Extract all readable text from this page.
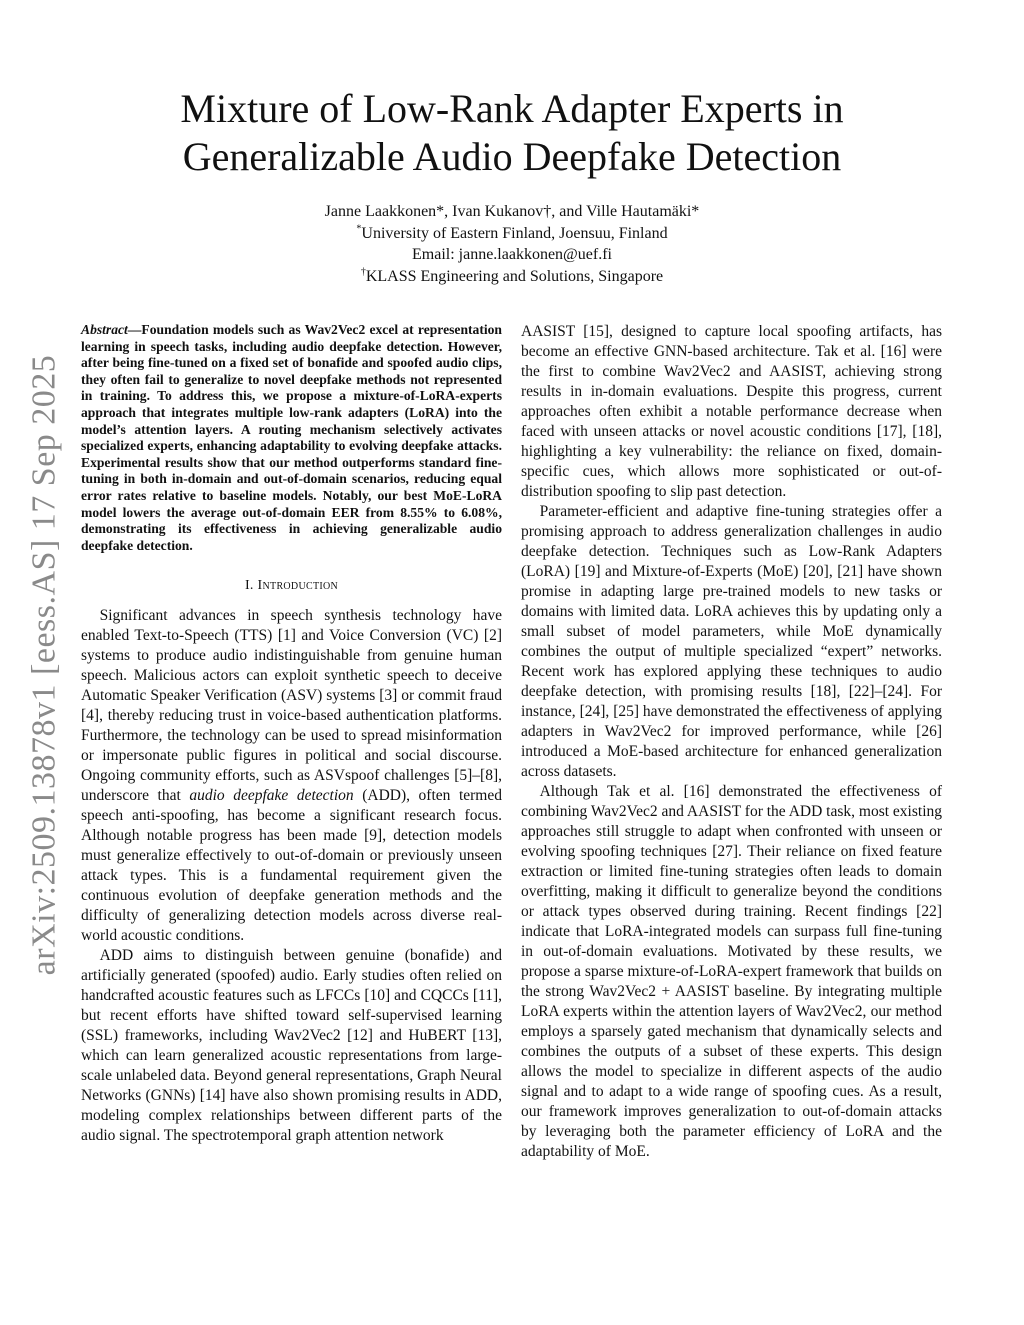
arXiv:2509.13878v1 [eess.AS] 17 Sep 2025
Mixture of Low-Rank Adapter Experts in
Generalizable Audio Deepfake Detection
Janne Laakkonen*, Ivan Kukanov†, and Ville Hautamäki*
*University of Eastern Finland, Joensuu, Finland
Email: janne.laakkonen@uef.fi
†KLASS Engineering and Solutions, Singapore

Abstract—Foundation models such as Wav2Vec2 excel at representation learning in speech tasks, including audio deepfake detection. However, after being fine-tuned on a fixed set of bonafide and spoofed audio clips, they often fail to generalize to novel deepfake methods not represented in training. To address this, we propose a mixture-of-LoRA-experts approach that integrates multiple low-rank adapters (LoRA) into the model’s attention layers. A routing mechanism selectively activates specialized experts, enhancing adaptability to evolving deepfake attacks. Experimental results show that our method outperforms standard fine-tuning in both in-domain and out-of-domain scenarios, reducing equal error rates relative to baseline models. Notably, our best MoE-LoRA model lowers the average out-of-domain EER from 8.55% to 6.08%, demonstrating its effectiveness in achieving generalizable audio deepfake detection.

I. Introduction

Significant advances in speech synthesis technology have enabled Text-to-Speech (TTS) [1] and Voice Conversion (VC) [2] systems to produce audio indistinguishable from genuine human speech. Malicious actors can exploit synthetic speech to deceive Automatic Speaker Verification (ASV) systems [3] or commit fraud [4], thereby reducing trust in voice-based authentication platforms. Furthermore, the technology can be used to spread misinformation or impersonate public figures in political and social discourse. Ongoing community efforts, such as ASVspoof challenges [5]–[8], underscore that audio deepfake detection (ADD), often termed speech anti-spoofing, has become a significant research focus. Although notable progress has been made [9], detection models must generalize effectively to out-of-domain or previously unseen attack types. This is a fundamental requirement given the continuous evolution of deepfake generation methods and the difficulty of generalizing detection models across diverse real-world acoustic conditions.

ADD aims to distinguish between genuine (bonafide) and artificially generated (spoofed) audio. Early studies often relied on handcrafted acoustic features such as LFCCs [10] and CQCCs [11], but recent efforts have shifted toward self-supervised learning (SSL) frameworks, including Wav2Vec2 [12] and HuBERT [13], which can learn generalized acoustic representations from large-scale unlabeled data. Beyond general representations, Graph Neural Networks (GNNs) [14] have also shown promising results in ADD, modeling complex relationships between different parts of the audio signal. The spectrotemporal graph attention network

AASIST [15], designed to capture local spoofing artifacts, has become an effective GNN-based architecture. Tak et al. [16] were the first to combine Wav2Vec2 and AASIST, achieving strong results in in-domain evaluations. Despite this progress, current approaches often exhibit a notable performance decrease when faced with unseen attacks or novel acoustic conditions [17], [18], highlighting a key vulnerability: the reliance on fixed, domain-specific cues, which allows more sophisticated or out-of-distribution spoofing to slip past detection.

Parameter-efficient and adaptive fine-tuning strategies offer a promising approach to address generalization challenges in audio deepfake detection. Techniques such as Low-Rank Adapters (LoRA) [19] and Mixture-of-Experts (MoE) [20], [21] have shown promise in adapting large pre-trained models to new tasks or domains with limited data. LoRA achieves this by updating only a small subset of model parameters, while MoE dynamically combines the output of multiple specialized “expert” networks. Recent work has explored applying these techniques to audio deepfake detection, with promising results [18], [22]–[24]. For instance, [24], [25] have demonstrated the effectiveness of applying adapters in Wav2Vec2 for improved performance, while [26] introduced a MoE-based architecture for enhanced generalization across datasets.

Although Tak et al. [16] demonstrated the effectiveness of combining Wav2Vec2 and AASIST for the ADD task, most existing approaches still struggle to adapt when confronted with unseen or evolving spoofing techniques [27]. Their reliance on fixed feature extraction or limited fine-tuning strategies often leads to domain overfitting, making it difficult to generalize beyond the conditions or attack types observed during training. Recent findings [22] indicate that LoRA-integrated models can surpass full fine-tuning in out-of-domain evaluations. Motivated by these results, we propose a sparse mixture-of-LoRA-expert framework that builds on the strong Wav2Vec2 + AASIST baseline. By integrating multiple LoRA experts within the attention layers of Wav2Vec2, our method employs a sparsely gated mechanism that dynamically selects and combines the outputs of a subset of these experts. This design allows the model to specialize in different aspects of the audio signal and to adapt to a wide range of spoofing cues. As a result, our framework improves generalization to out-of-domain attacks by leveraging both the parameter efficiency of LoRA and the adaptability of MoE.
